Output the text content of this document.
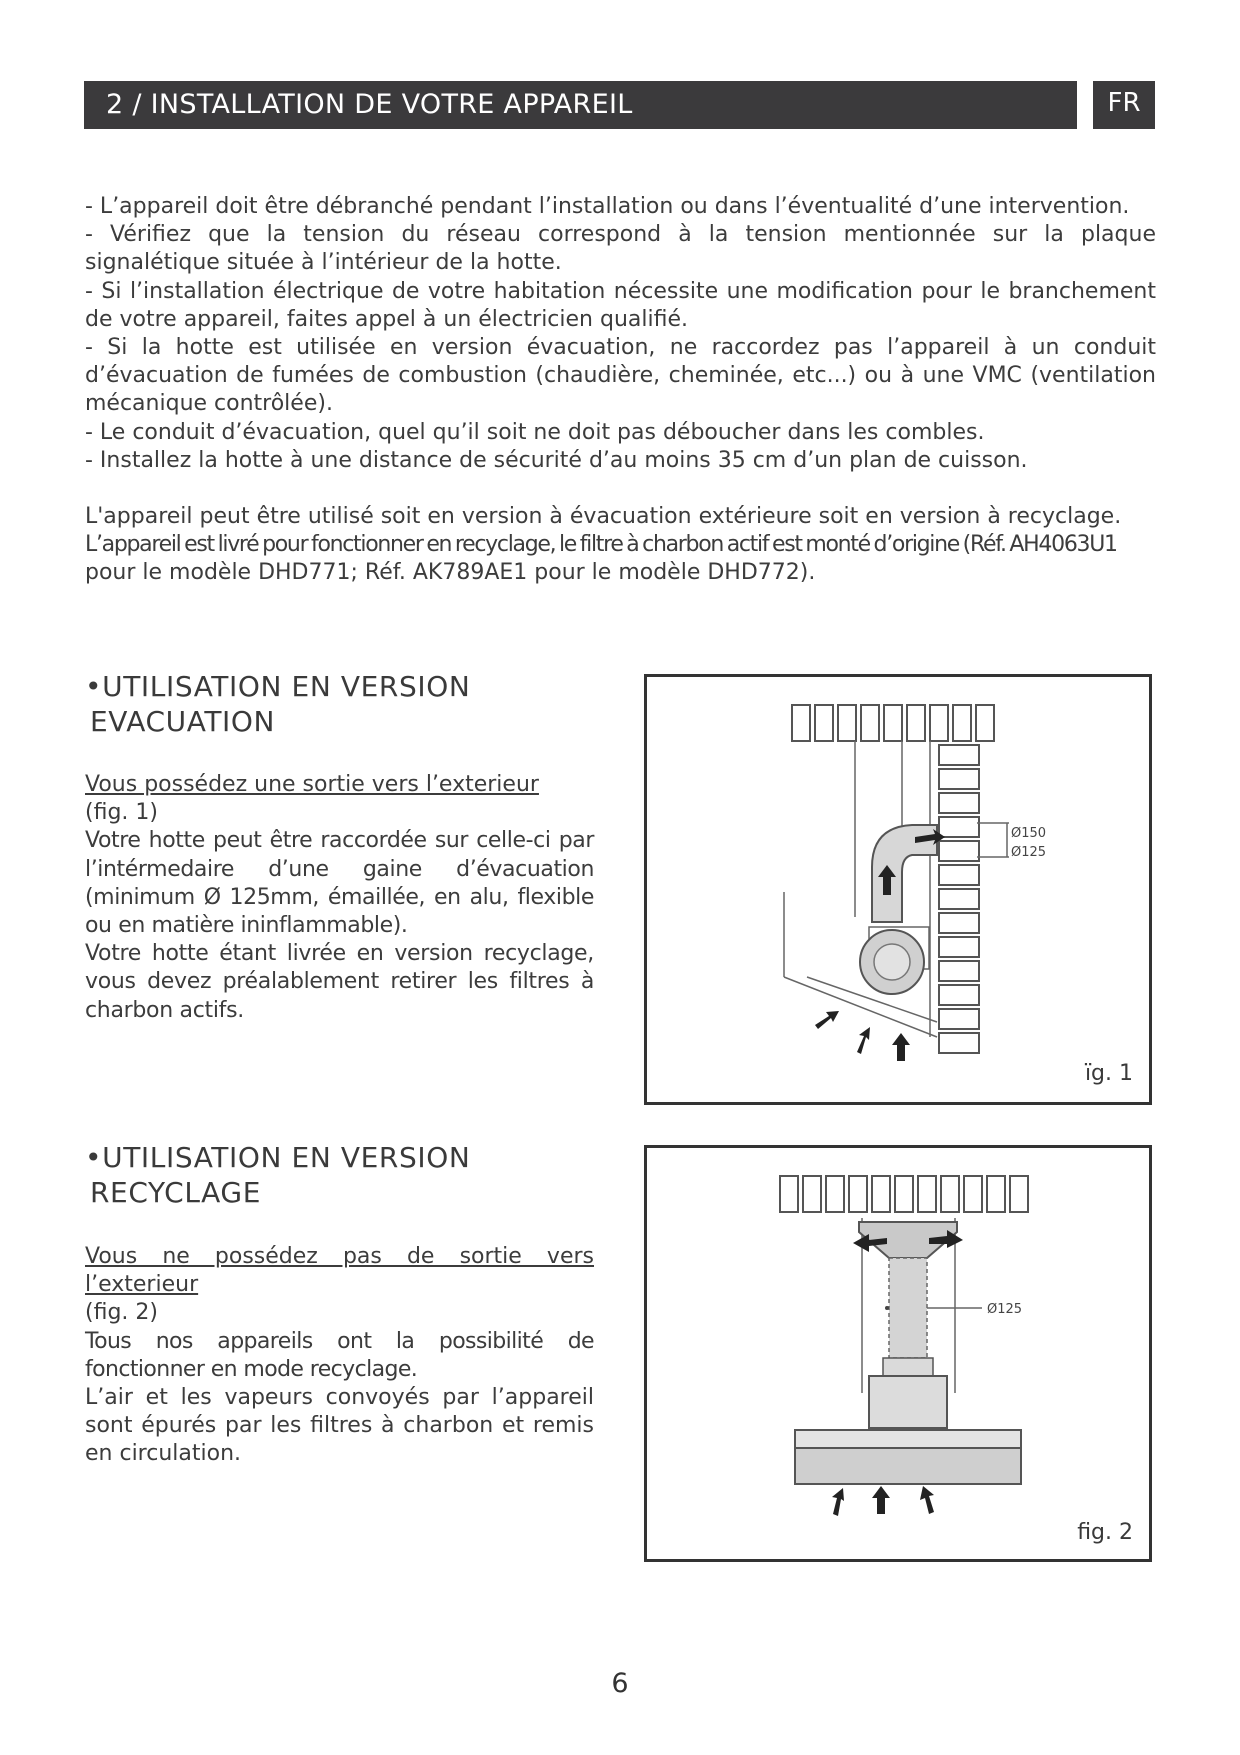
2 / INSTALLATION DE VOTRE APPAREIL	FR

- L’appareil doit être débranché pendant l’installation ou dans l’éventualité d’une intervention.

- Vérifiez que la tension du réseau correspond à la tension mentionnée sur la plaque signalétique située à l’intérieur de la hotte.

- Si l’installation électrique de votre habitation nécessite une modification pour le branchement de votre appareil, faites appel à un électricien qualifié.

- Si la hotte est utilisée en version évacuation, ne raccordez pas l’appareil à un conduit d’évacuation de fumées de combustion (chaudière, cheminée, etc...) ou à une VMC (ventilation mécanique contrôlée).

- Le conduit d’évacuation, quel qu’il soit ne doit pas déboucher dans les combles.

- Installez la hotte à une distance de sécurité d’au moins 35 cm d’un plan de cuisson.

L'appareil peut être utilisé soit en version à évacuation extérieure soit en version à recyclage.

L’appareil est livré pour fonctionner en recyclage, le filtre à charbon actif est monté d’origine (Réf. AH4063U1

pour le modèle DHD771; Réf. AK789AE1 pour le modèle DHD772).

•UTILISATION EN VERSION
EVACUATION

Vous possédez une sortie vers l’exterieur

(fig. 1)

Votre hotte peut être raccordée sur celle-ci par l’intérmedaire d’une gaine d’évacuation (minimum Ø 125mm, émaillée, en alu, flexible ou en matière ininflammable).

Votre hotte étant livrée en version recyclage, vous devez préalablement retirer les filtres à charbon actifs.

Ø150
Ø125
ïg. 1
•UTILISATION EN VERSION
RECYCLAGE

Vous ne possédez pas de sortie vers l’exterieur

(fig. 2)

Tous nos appareils ont la possibilité de fonctionner en mode recyclage.

L’air et les vapeurs convoyés par l’appareil sont épurés par les filtres à charbon et remis en circulation.

Ø125
fig. 2
6
